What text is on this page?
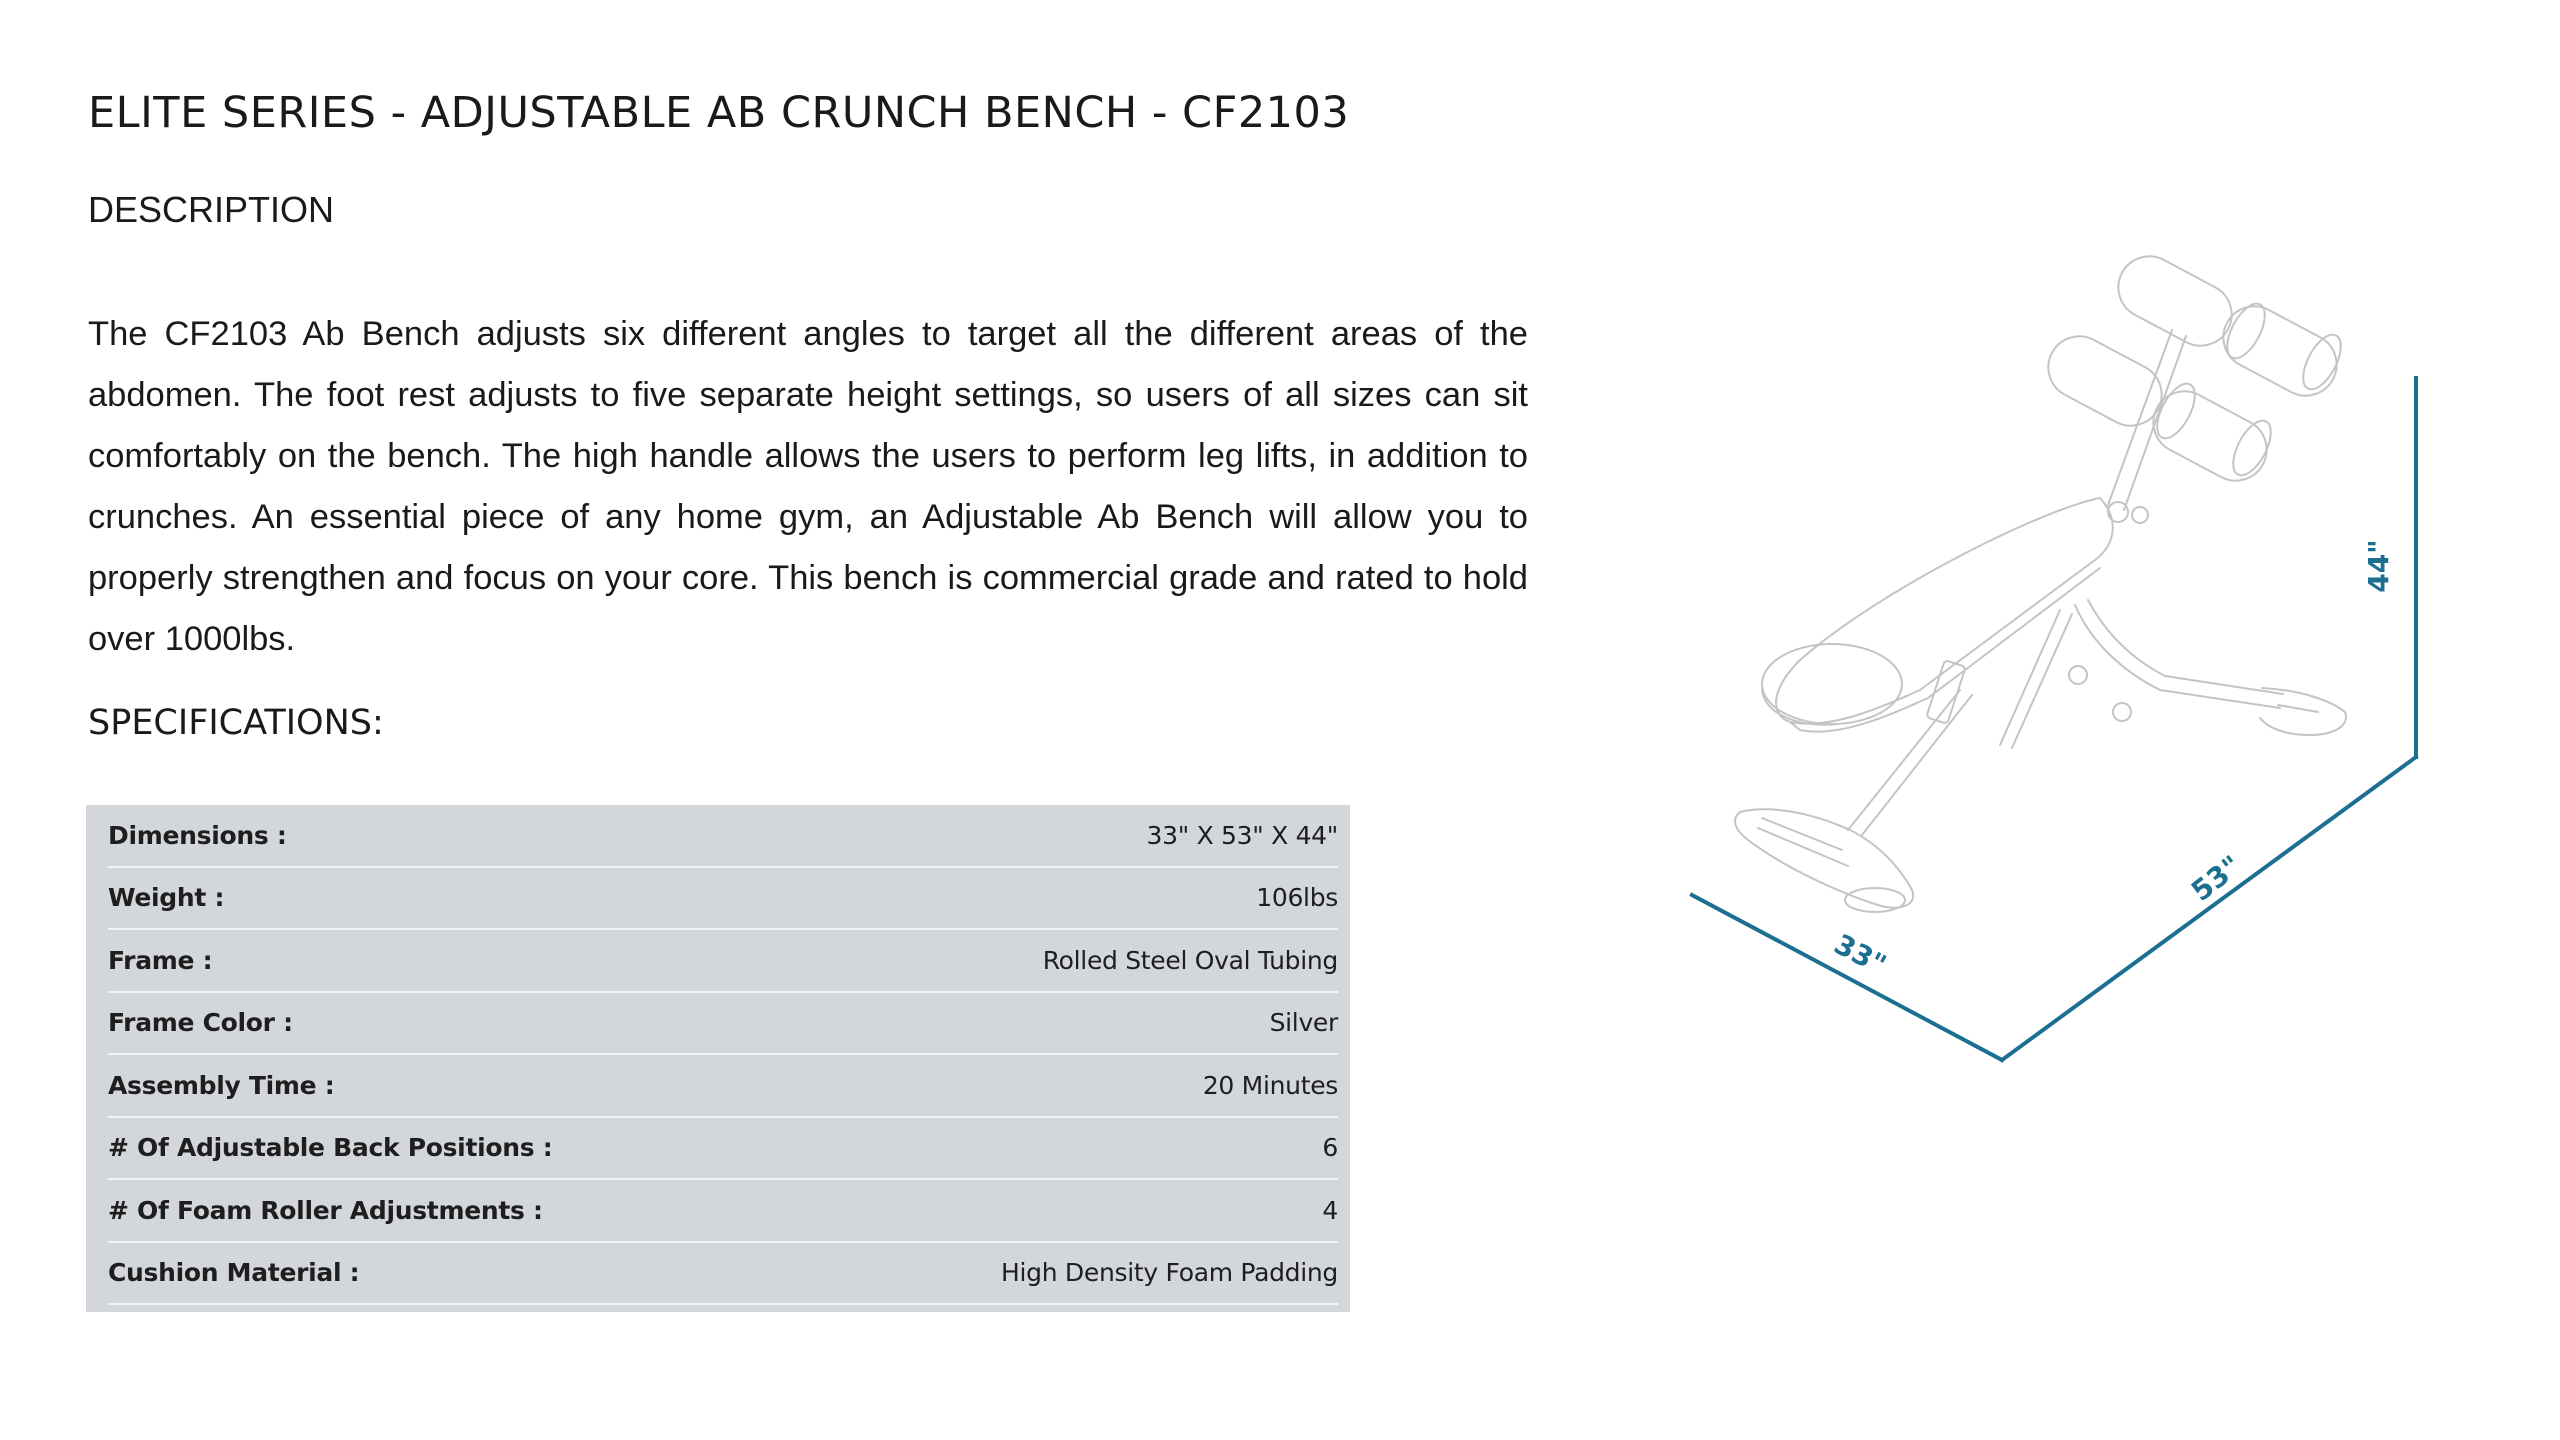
ELITE SERIES - ADJUSTABLE AB CRUNCH BENCH - CF2103
DESCRIPTION

The CF2103 Ab Bench adjusts six different angles to target all the different areas of the abdomen. The foot rest adjusts to five separate height settings, so users of all sizes can sit comfortably on the bench. The high handle allows the users to perform leg lifts, in addition to crunches. An essential piece of any home gym, an Adjustable Ab Bench will allow you to properly strengthen and focus on your core. This bench is commercial grade and rated to hold over 1000lbs.

SPECIFICATIONS:
Dimensions :	33" X 53" X 44"
Weight :	106lbs
Frame :	Rolled Steel Oval Tubing
Frame Color :	Silver
Assembly Time :	20 Minutes
# Of Adjustable Back Positions :	6
# Of Foam Roller Adjustments :	4
Cushion Material :	High Density Foam Padding
33"
53"
44"
